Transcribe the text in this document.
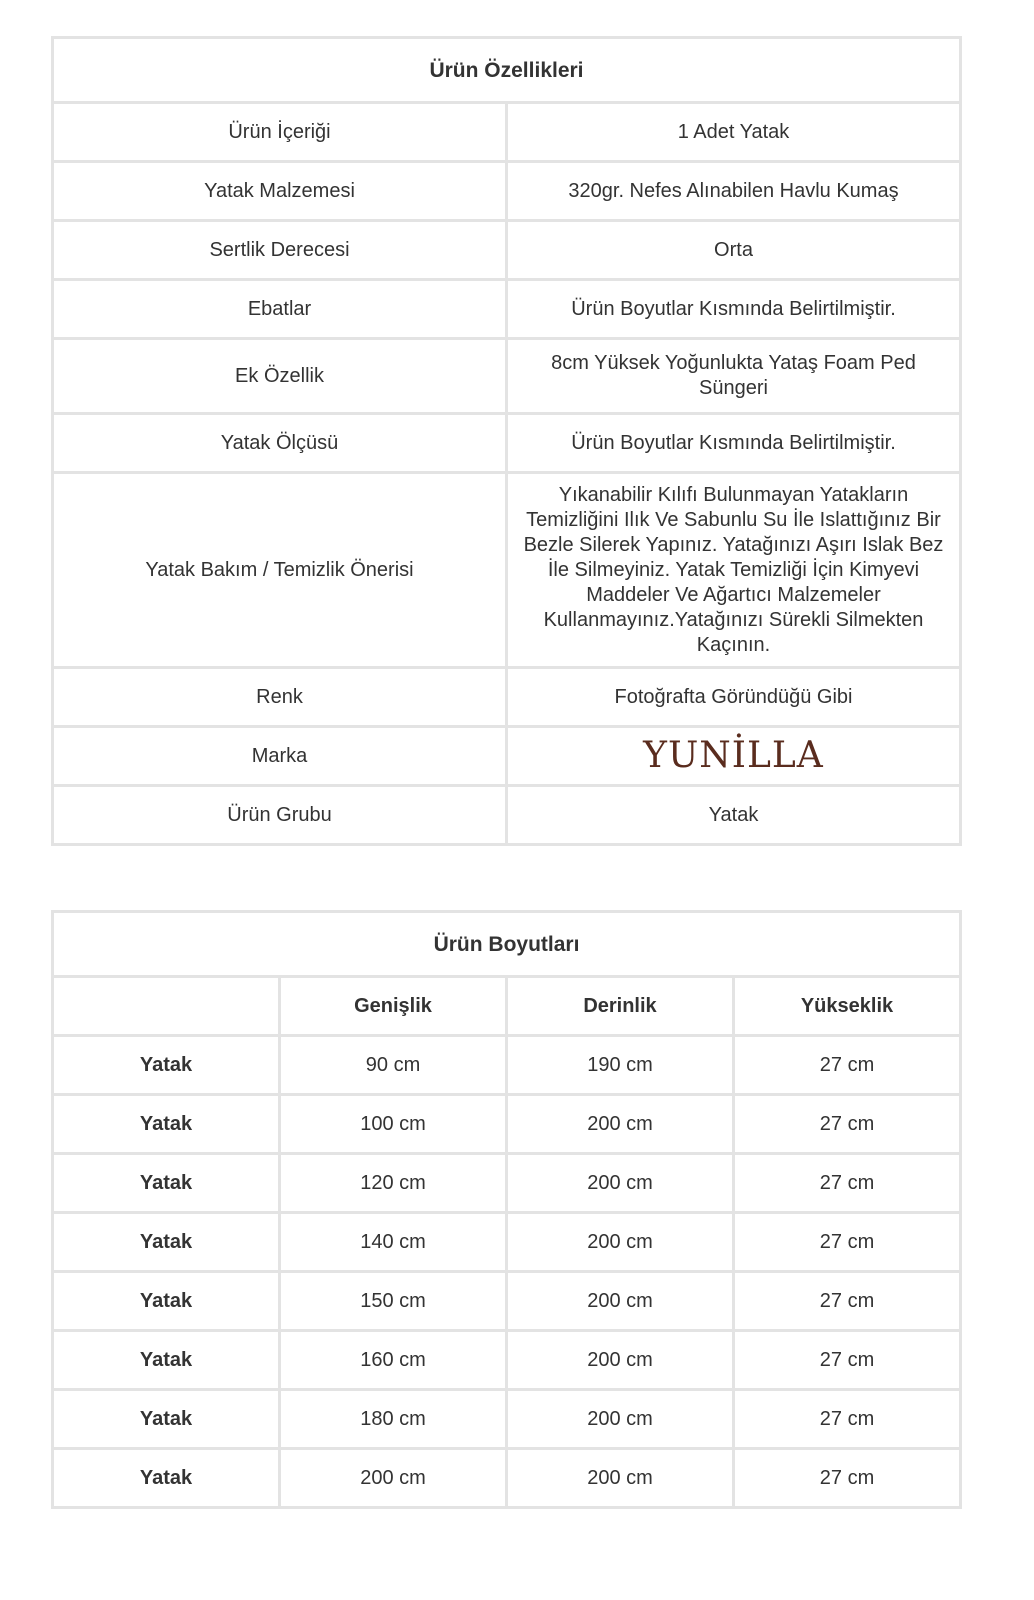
Ürün Özellikleri	
Ürün İçeriği	1 Adet Yatak
Yatak Malzemesi	320gr. Nefes Alınabilen Havlu Kumaş
Sertlik Derecesi	Orta
Ebatlar	Ürün Boyutlar Kısmında Belirtilmiştir.
Ek Özellik	8cm Yüksek Yoğunlukta Yataş Foam Ped Süngeri
Yatak Ölçüsü	Ürün Boyutlar Kısmında Belirtilmiştir.
Yatak Bakım / Temizlik Önerisi	Yıkanabilir Kılıfı Bulunmayan Yatakların Temizliğini Ilık Ve Sabunlu Su İle Islattığınız Bir Bezle Silerek Yapınız. Yatağınızı Aşırı Islak Bez İle Silmeyiniz. Yatak Temizliği İçin Kimyevi Maddeler Ve Ağartıcı Malzemeler Kullanmayınız.Yatağınızı Sürekli Silmekten Kaçının.
Renk	Fotoğrafta Göründüğü Gibi
Marka	YUNİLLA
Ürün Grubu	Yatak
Ürün Boyutları			
	Genişlik	Derinlik	Yükseklik
Yatak	90 cm	190 cm	27 cm
Yatak	100 cm	200 cm	27 cm
Yatak	120 cm	200 cm	27 cm
Yatak	140 cm	200 cm	27 cm
Yatak	150 cm	200 cm	27 cm
Yatak	160 cm	200 cm	27 cm
Yatak	180 cm	200 cm	27 cm
Yatak	200 cm	200 cm	27 cm
